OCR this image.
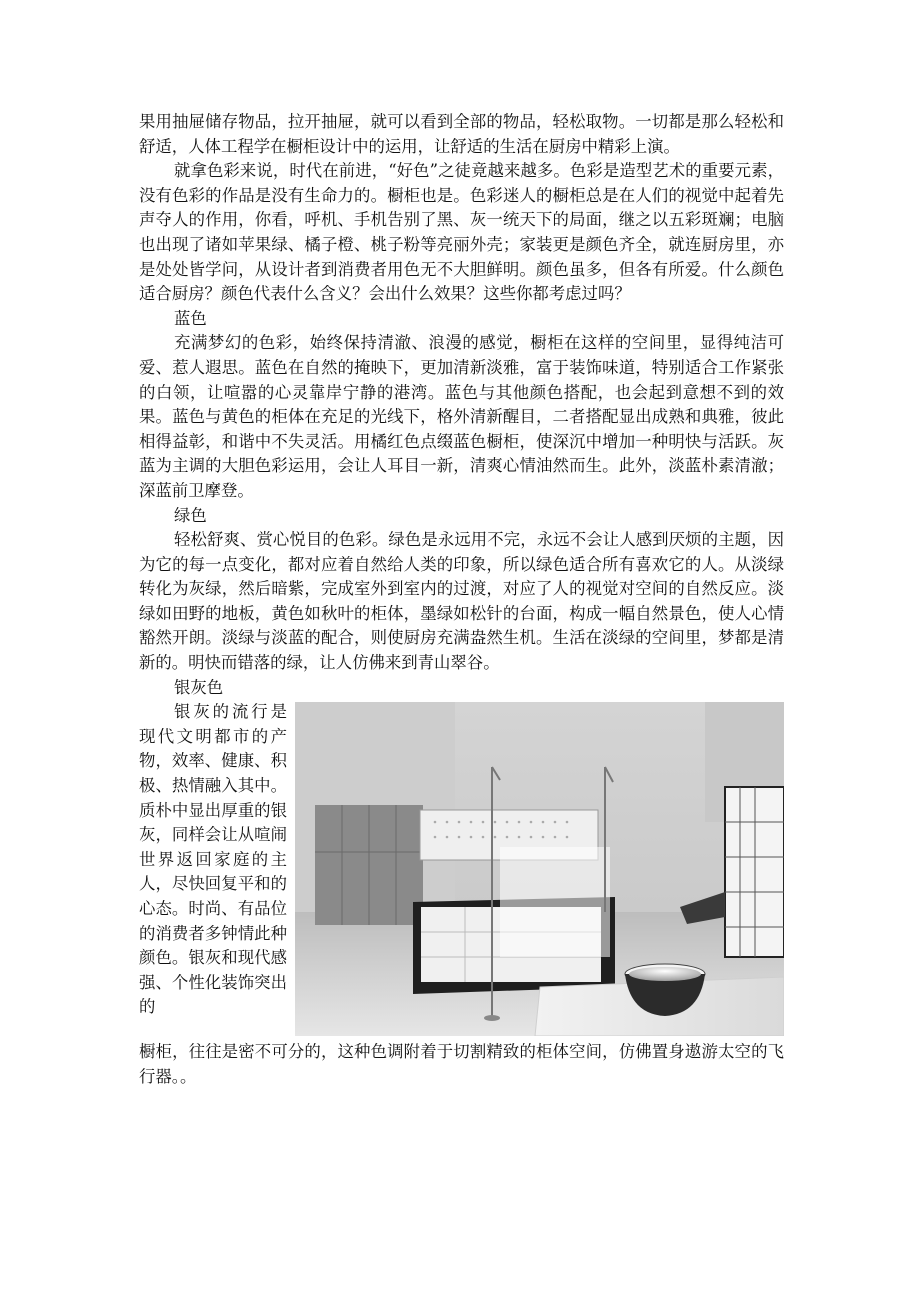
果用抽屉储存物品，拉开抽屉，就可以看到全部的物品，轻松取物。一切都是那么轻松和舒适，人体工程学在橱柜设计中的运用，让舒适的生活在厨房中精彩上演。

就拿色彩来说，时代在前进，“好色”之徒竟越来越多。色彩是造型艺术的重要元素，没有色彩的作品是没有生命力的。橱柜也是。色彩迷人的橱柜总是在人们的视觉中起着先声夺人的作用，你看，呼机、手机告别了黑、灰一统天下的局面，继之以五彩斑斓；电脑也出现了诸如苹果绿、橘子橙、桃子粉等亮丽外壳；家装更是颜色齐全，就连厨房里，亦是处处皆学问，从设计者到消费者用色无不大胆鲜明。颜色虽多，但各有所爱。什么颜色适合厨房？颜色代表什么含义？会出什么效果？这些你都考虑过吗？

蓝色

充满梦幻的色彩，始终保持清澈、浪漫的感觉，橱柜在这样的空间里，显得纯洁可爱、惹人遐思。蓝色在自然的掩映下，更加清新淡雅，富于装饰味道，特别适合工作紧张的白领，让喧嚣的心灵靠岸宁静的港湾。蓝色与其他颜色搭配，也会起到意想不到的效果。蓝色与黄色的柜体在充足的光线下，格外清新醒目，二者搭配显出成熟和典雅，彼此相得益彰，和谐中不失灵活。用橘红色点缀蓝色橱柜，使深沉中增加一种明快与活跃。灰蓝为主调的大胆色彩运用，会让人耳目一新，清爽心情油然而生。此外，淡蓝朴素清澈；深蓝前卫摩登。

绿色

轻松舒爽、赏心悦目的色彩。绿色是永远用不完，永远不会让人感到厌烦的主题，因为它的每一点变化，都对应着自然给人类的印象，所以绿色适合所有喜欢它的人。从淡绿转化为灰绿，然后暗紫，完成室外到室内的过渡，对应了人的视觉对空间的自然反应。淡绿如田野的地板，黄色如秋叶的柜体，墨绿如松针的台面，构成一幅自然景色，使人心情豁然开朗。淡绿与淡蓝的配合，则使厨房充满盎然生机。生活在淡绿的空间里，梦都是清新的。明快而错落的绿，让人仿佛来到青山翠谷。

银灰色

银灰的流行是现代文明都市的产物，效率、健康、积极、热情融入其中。质朴中显出厚重的银灰，同样会让从喧闹世界返回家庭的主人，尽快回复平和的心态。时尚、有品位的消费者多钟情此种颜色。银灰和现代感强、个性化装饰突出的

橱柜，往往是密不可分的，这种色调附着于切割精致的柜体空间，仿佛置身遨游太空的飞行器。。
